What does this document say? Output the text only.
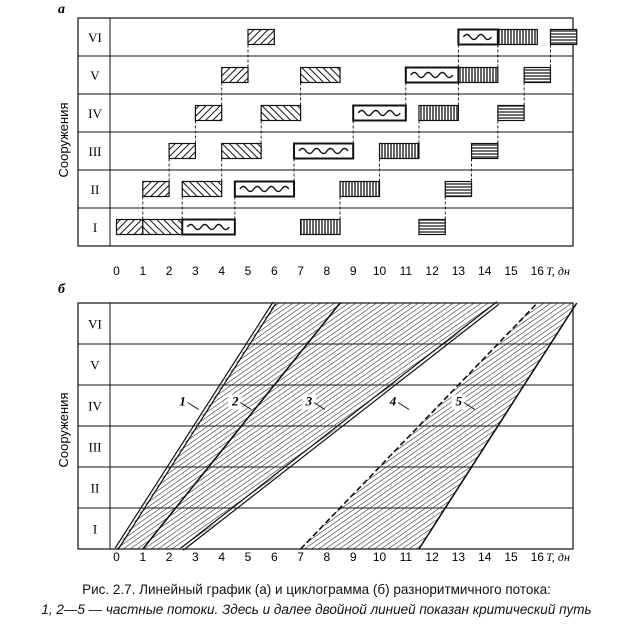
а
Сооружения
VI
V
IV
III
II
I
0 1 2 3 4 5 6 7 8 9 10 11 12 13 14 15 16 T, дн
б
Сооружения
VI
V
IV
III
II
I
0 1 2 3 4 5 6 7 8 9 10 11 12 13 14 15 16 T, дн
1	2	3	4	5
Рис. 2.7. Линейный график (а) и циклограмма (б) разноритмичного потока:
1, 2—5 — частные потоки. Здесь и далее двойной линией показан критический путь
